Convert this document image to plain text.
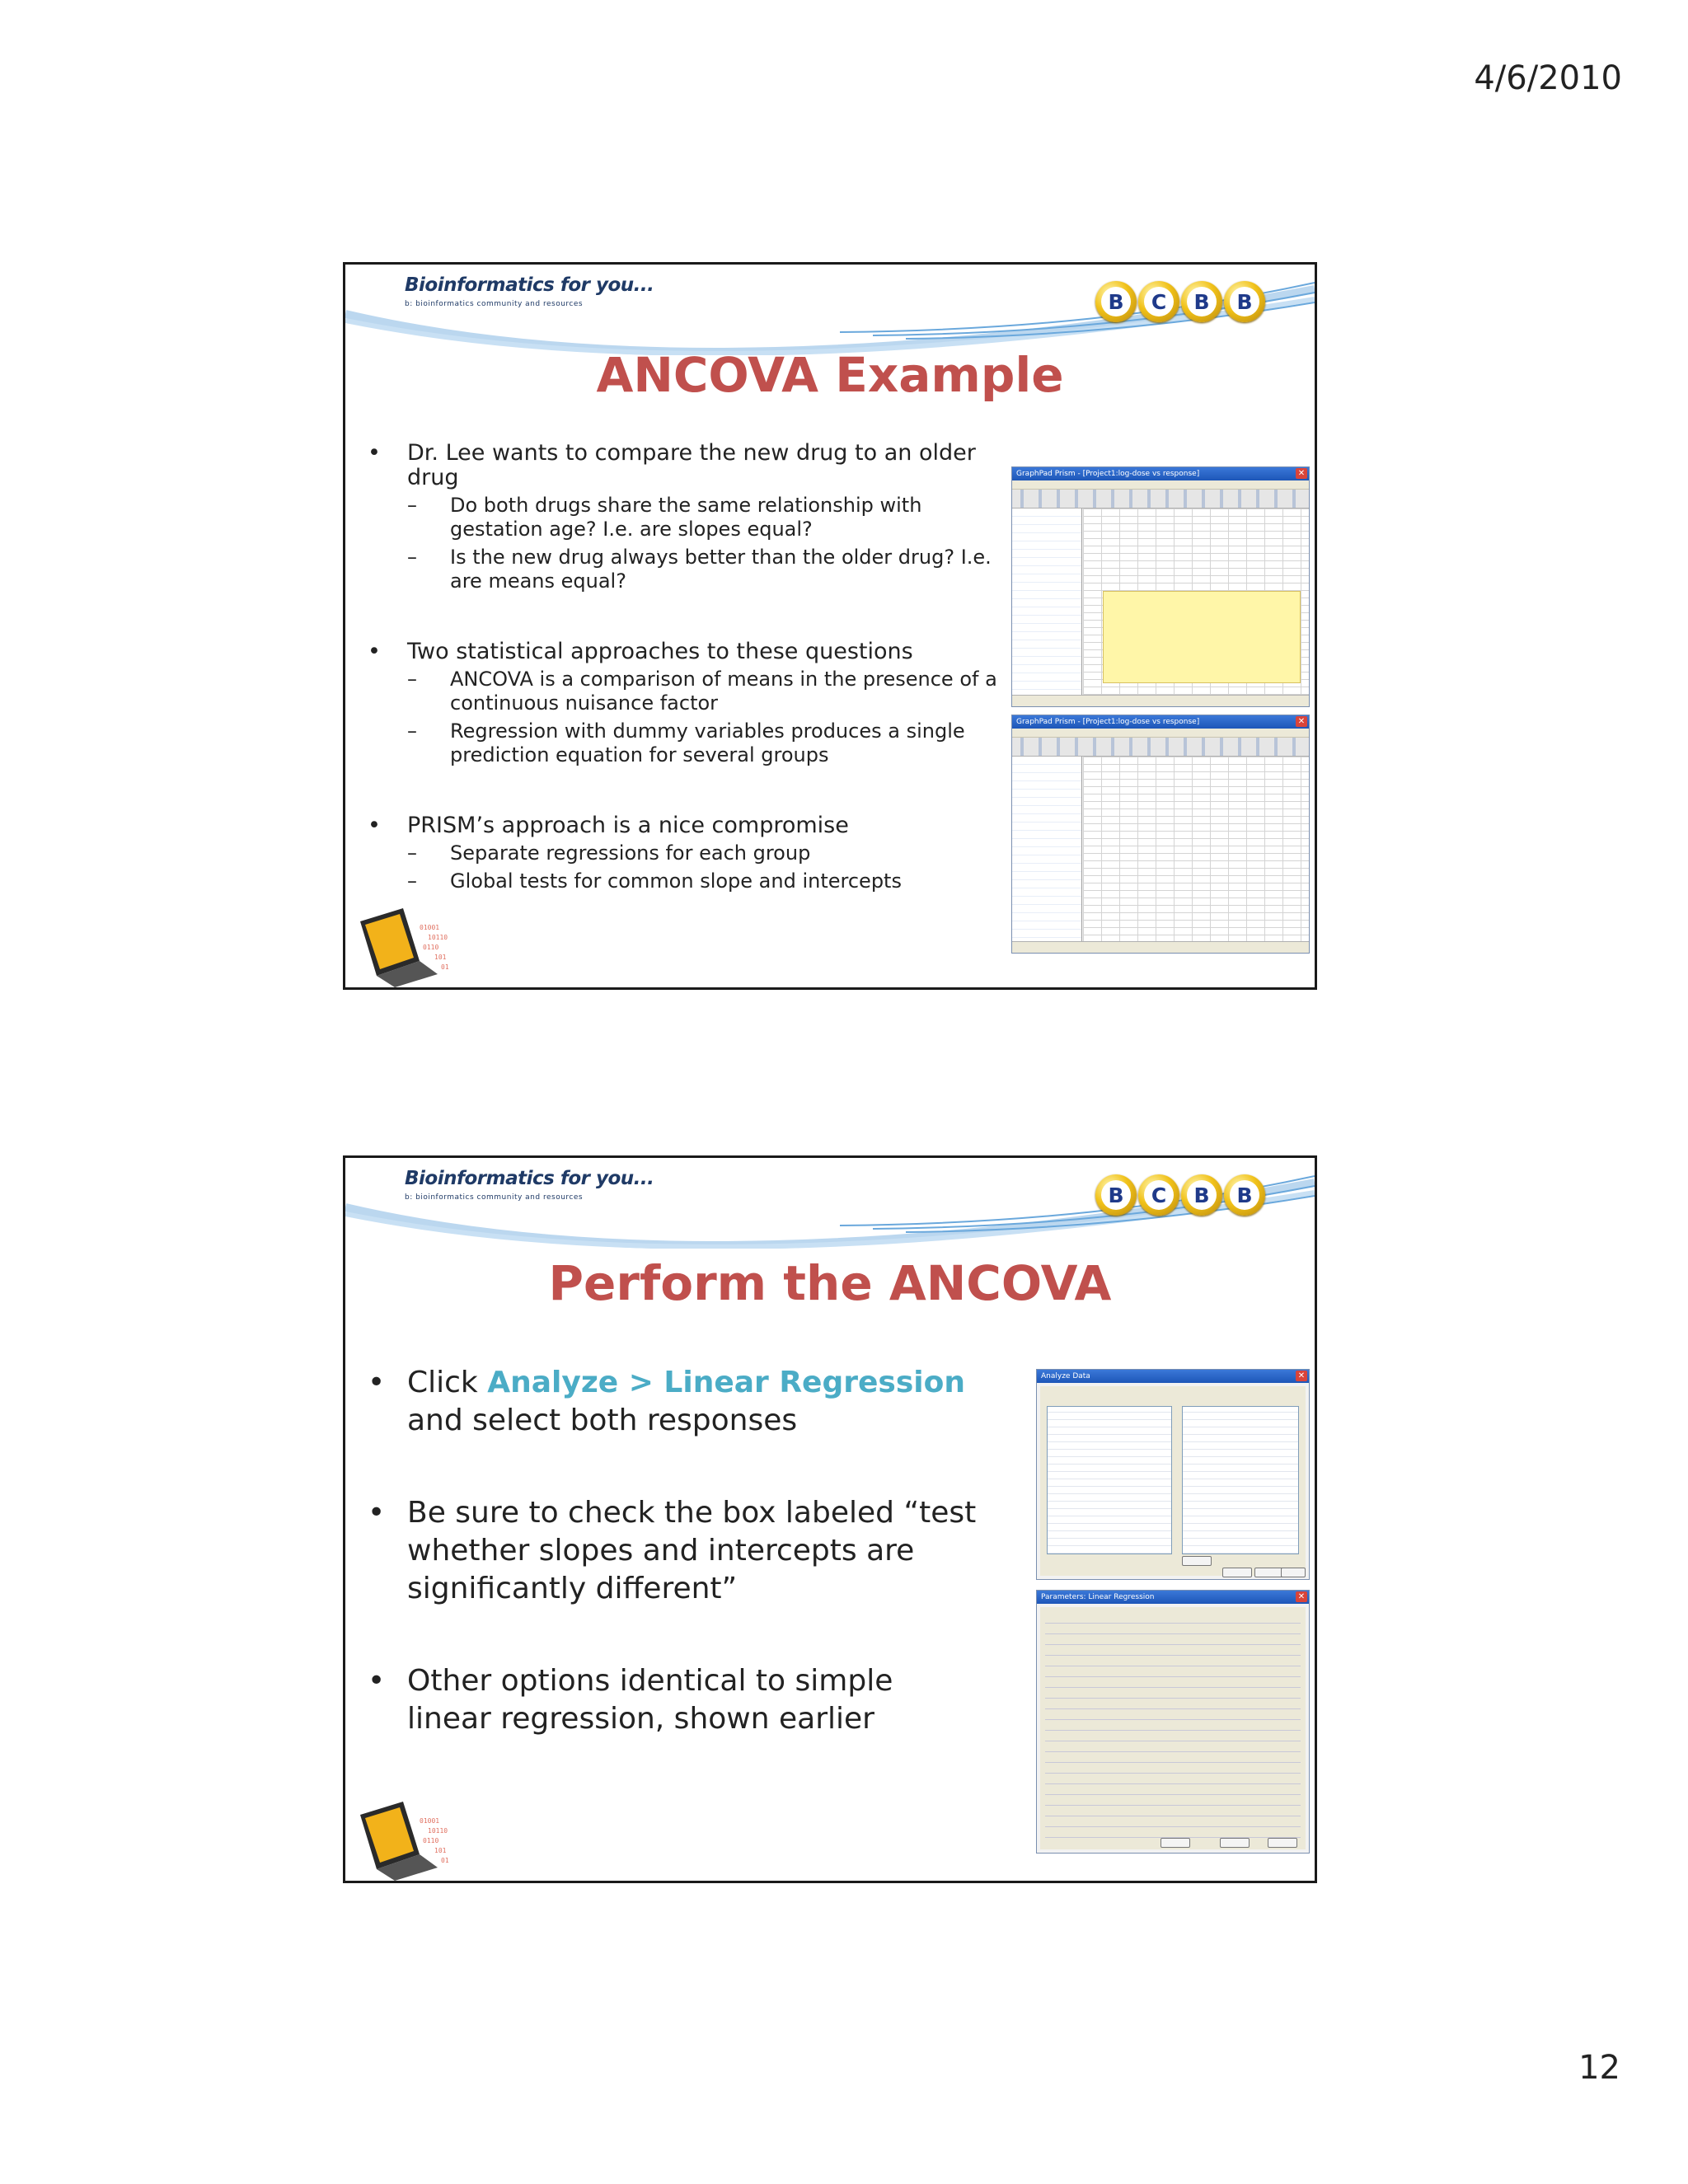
4/6/2010
Bioinformatics for you...
b: bioinformatics community and resources	B	C	B	B
ANCOVA Example
• Dr. Lee wants to compare the new drug to an older drug
– Do both drugs share the same relationship with gestation age? I.e. are slopes equal?
– Is the new drug always better than the older drug? I.e. are means equal?
• Two statistical approaches to these questions
– ANCOVA is a comparison of means in the presence of a continuous nuisance factor
– Regression with dummy variables produces a single prediction equation for several groups
• PRISM’s approach is a nice compromise
– Separate regressions for each group
– Global tests for common slope and intercepts
GraphPad Prism - [Project1:log-dose vs response]	✕
GraphPad Prism - [Project1:log-dose vs response]	✕
01001
10110
0110
101
01
Bioinformatics for you...
b: bioinformatics community and resources	B	C	B	B
Perform the ANCOVA
• Click Analyze > Linear Regression and select both responses
• Be sure to check the box labeled “test whether slopes and intercepts are significantly different”
• Other options identical to simple linear regression, shown earlier
Analyze Data	✕
Parameters: Linear Regression	✕
01001
10110
0110
101
01
12
